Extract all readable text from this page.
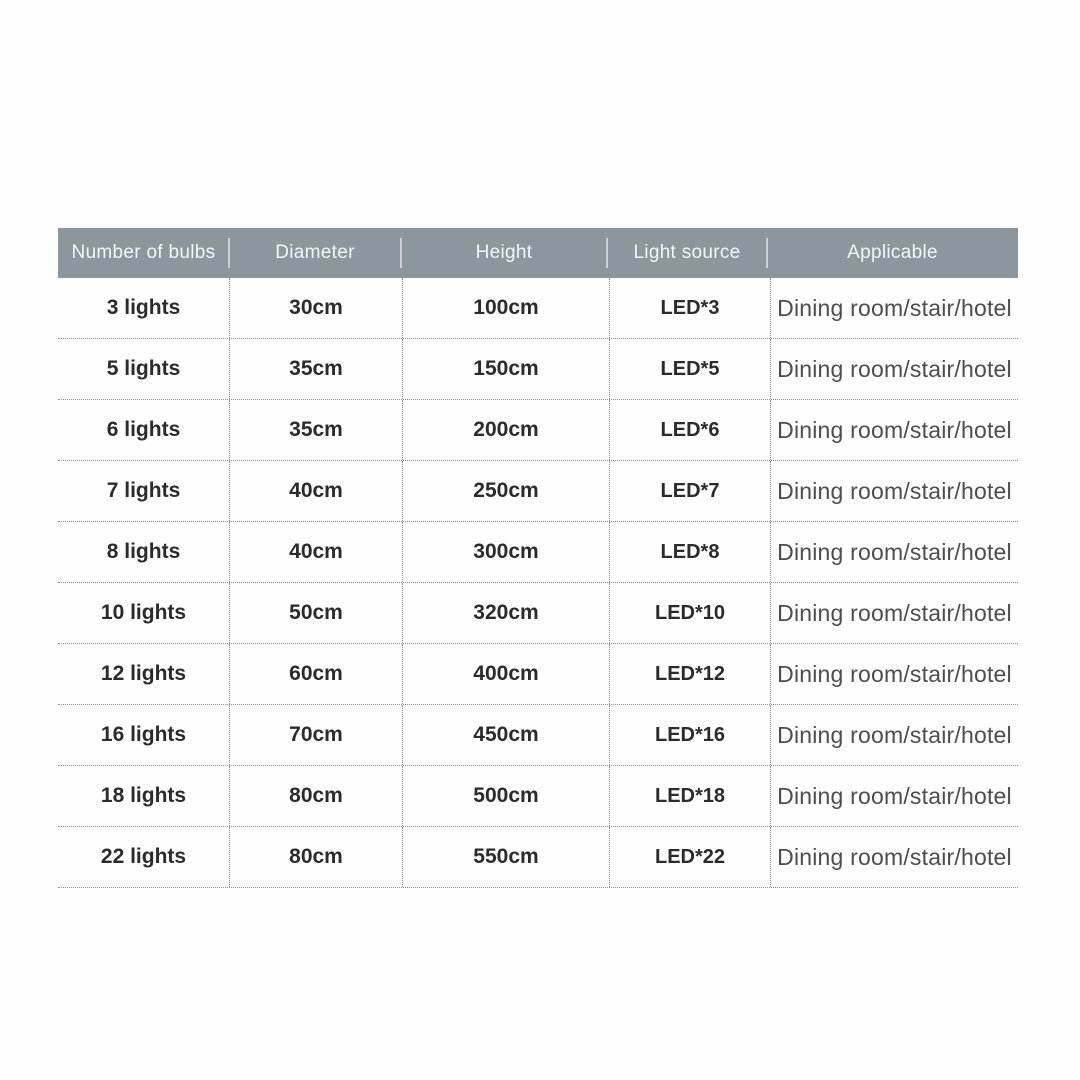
Number of bulbs	Diameter	Height	Light source	Applicable
3 lights	30cm	100cm	LED*3	Dining room/stair/hotel
5 lights	35cm	150cm	LED*5	Dining room/stair/hotel
6 lights	35cm	200cm	LED*6	Dining room/stair/hotel
7 lights	40cm	250cm	LED*7	Dining room/stair/hotel
8 lights	40cm	300cm	LED*8	Dining room/stair/hotel
10 lights	50cm	320cm	LED*10	Dining room/stair/hotel
12 lights	60cm	400cm	LED*12	Dining room/stair/hotel
16 lights	70cm	450cm	LED*16	Dining room/stair/hotel
18 lights	80cm	500cm	LED*18	Dining room/stair/hotel
22 lights	80cm	550cm	LED*22	Dining room/stair/hotel
